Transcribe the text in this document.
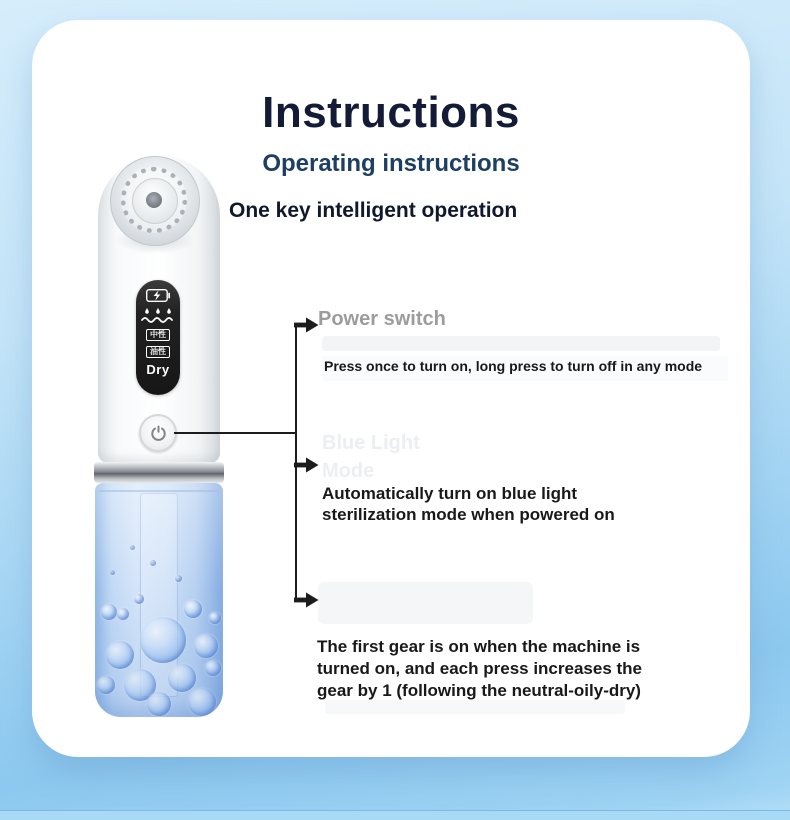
Instructions
Operating instructions
One key intelligent operation
Blue Light
Mode
中性
油性
Dry
Power switch
Press once to turn on, long press to turn off in any mode
Automatically turn on blue light
sterilization mode when powered on
The first gear is on when the machine is
turned on, and each press increases the
gear by 1 (following the neutral-oily-dry)
